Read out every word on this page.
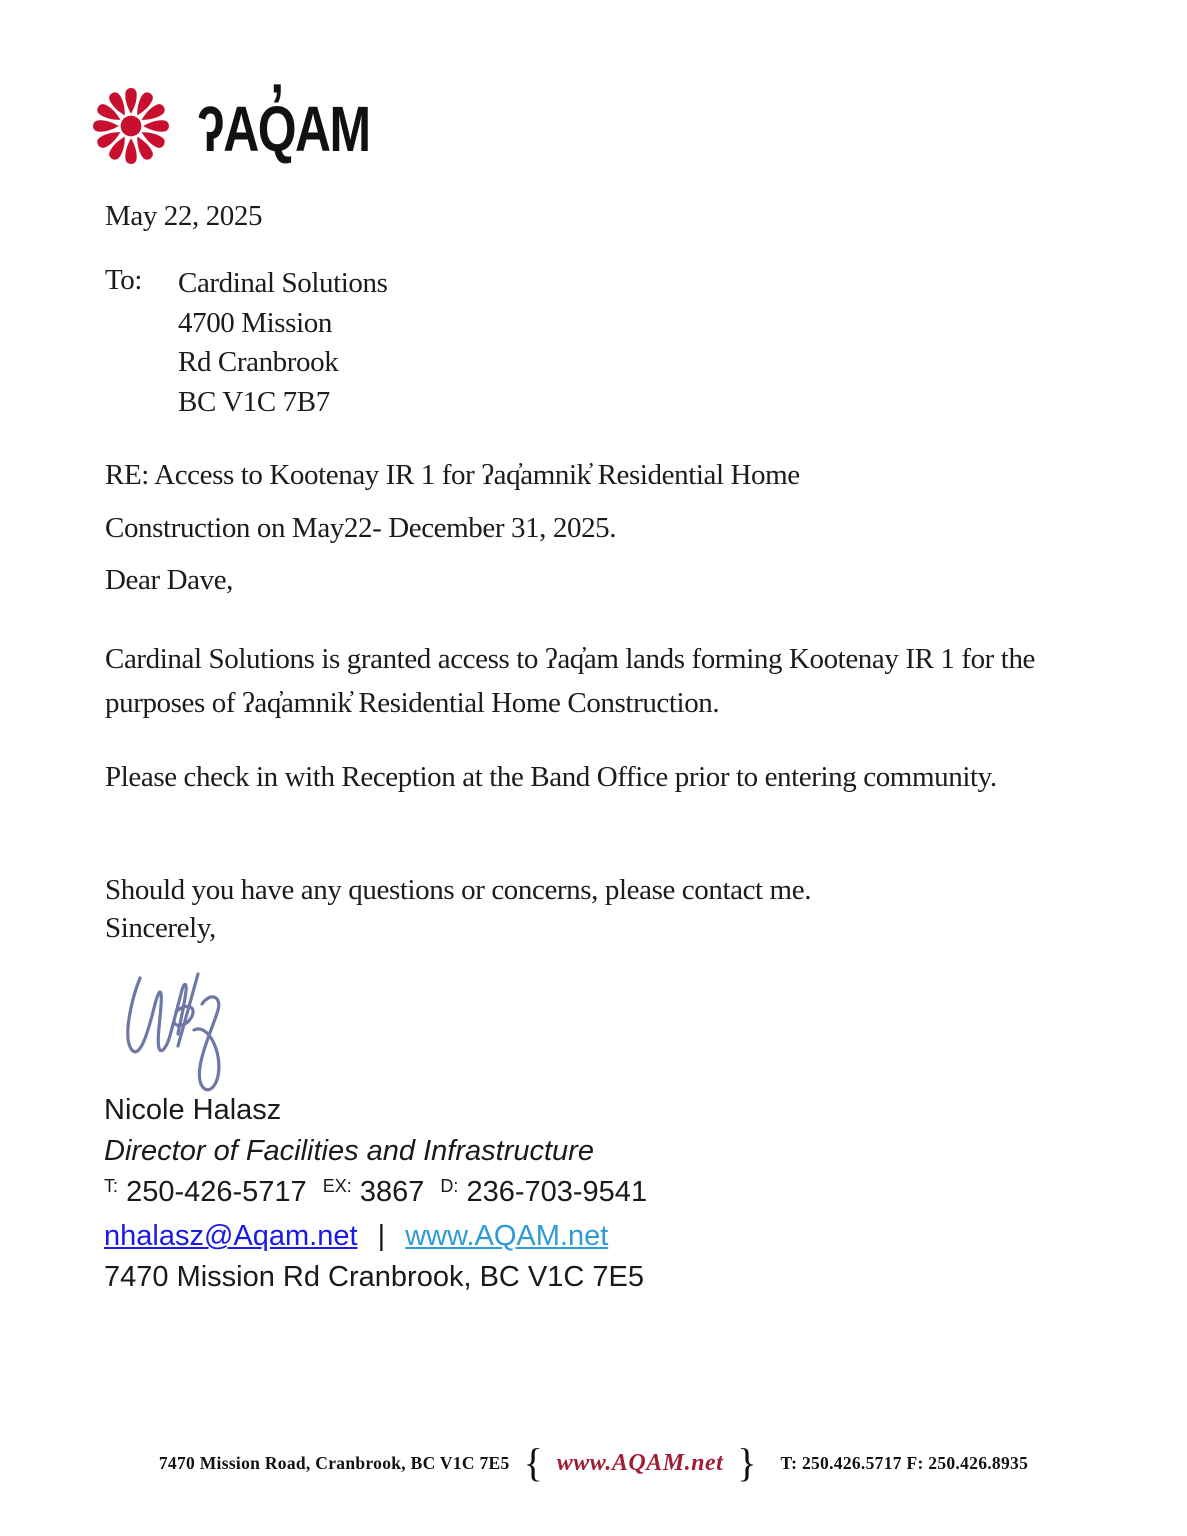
ʔAQ̓AM
May 22, 2025
To:	Cardinal Solutions
4700 Mission
Rd Cranbrook
BC V1C 7B7
RE: Access to Kootenay IR 1 for ʔaq̓amnik̓ Residential Home
Construction on May22- December 31, 2025.
Dear Dave,
Cardinal Solutions is granted access to ʔaq̓am lands forming Kootenay IR 1 for the purposes of ʔaq̓amnik̓ Residential Home Construction.
Please check in with Reception at the Band Office prior to entering community.
Should you have any questions or concerns, please contact me.
Sincerely,
Nicole Halasz
Director of Facilities and Infrastructure
$^{T:}$ 250-426-5717 $^{EX:}$ 3867 $^{D:}$ 236-703-9541
nhalasz@Aqam.net | www.AQAM.net
7470 Mission Rd Cranbrook, BC V1C 7E5
7470 Mission Road, Cranbrook, BC V1C 7E5 { www.AQAM.net }	T: 250.426.5717 F: 250.426.8935
